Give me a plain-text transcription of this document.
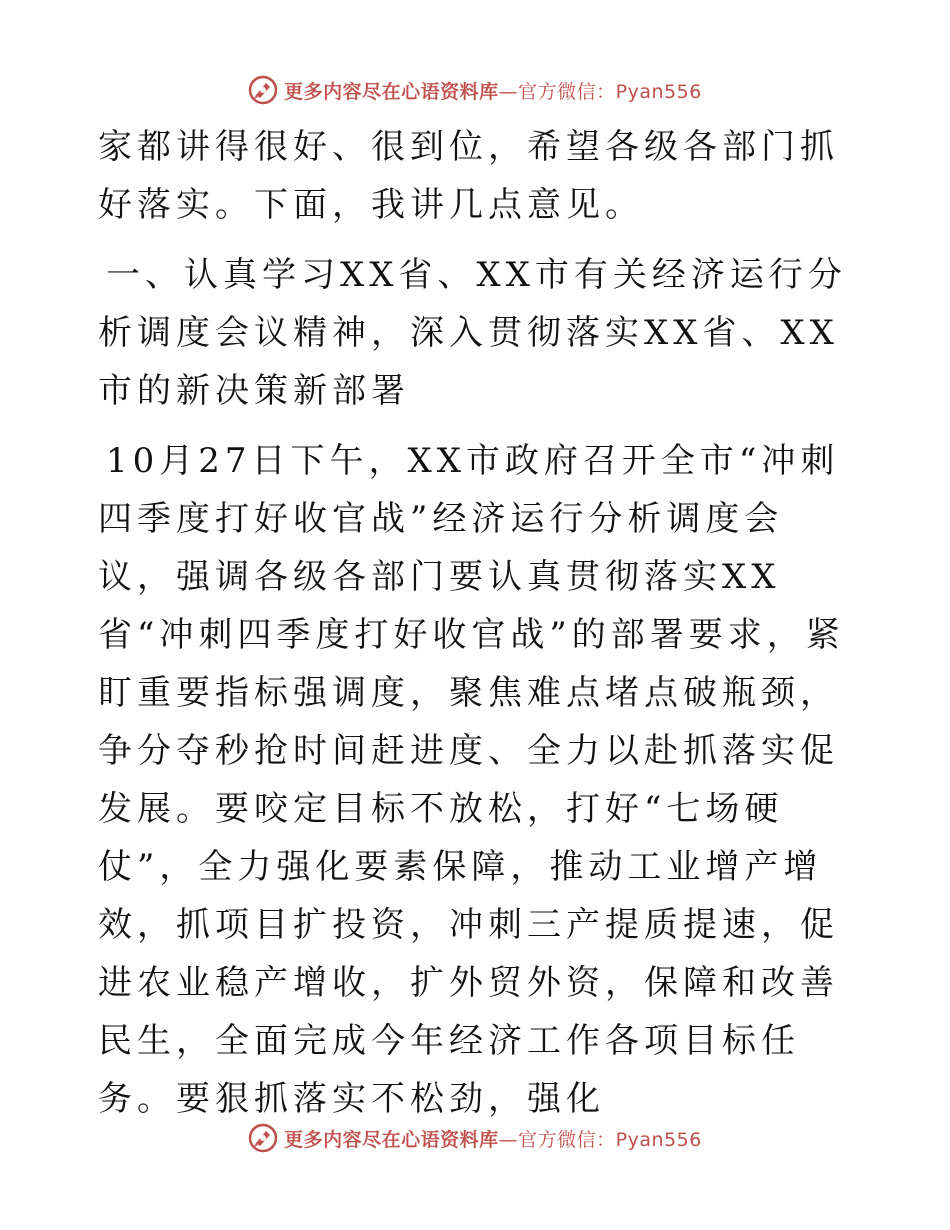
更多内容尽在心语资料库—官方微信：Pyan556

家都讲得很好、很到位，希望各级各部门抓好落实。下面，我讲几点意见。

一、认真学习XX省、XX市有关经济运行分析调度会议精神，深入贯彻落实XX省、XX市的新决策新部署

10月27日下午，XX市政府召开全市“冲刺四季度打好收官战”经济运行分析调度会议，强调各级各部门要认真贯彻落实XX省“冲刺四季度打好收官战”的部署要求，紧盯重要指标强调度，聚焦难点堵点破瓶颈，争分夺秒抢时间赶进度、全力以赴抓落实促发展。要咬定目标不放松，打好“七场硬仗”，全力强化要素保障，推动工业增产增效，抓项目扩投资，冲刺三产提质提速，促进农业稳产增收，扩外贸外资，保障和改善民生，全面完成今年经济工作各项目标任务。要狠抓落实不松劲，强化

更多内容尽在心语资料库—官方微信：Pyan556
